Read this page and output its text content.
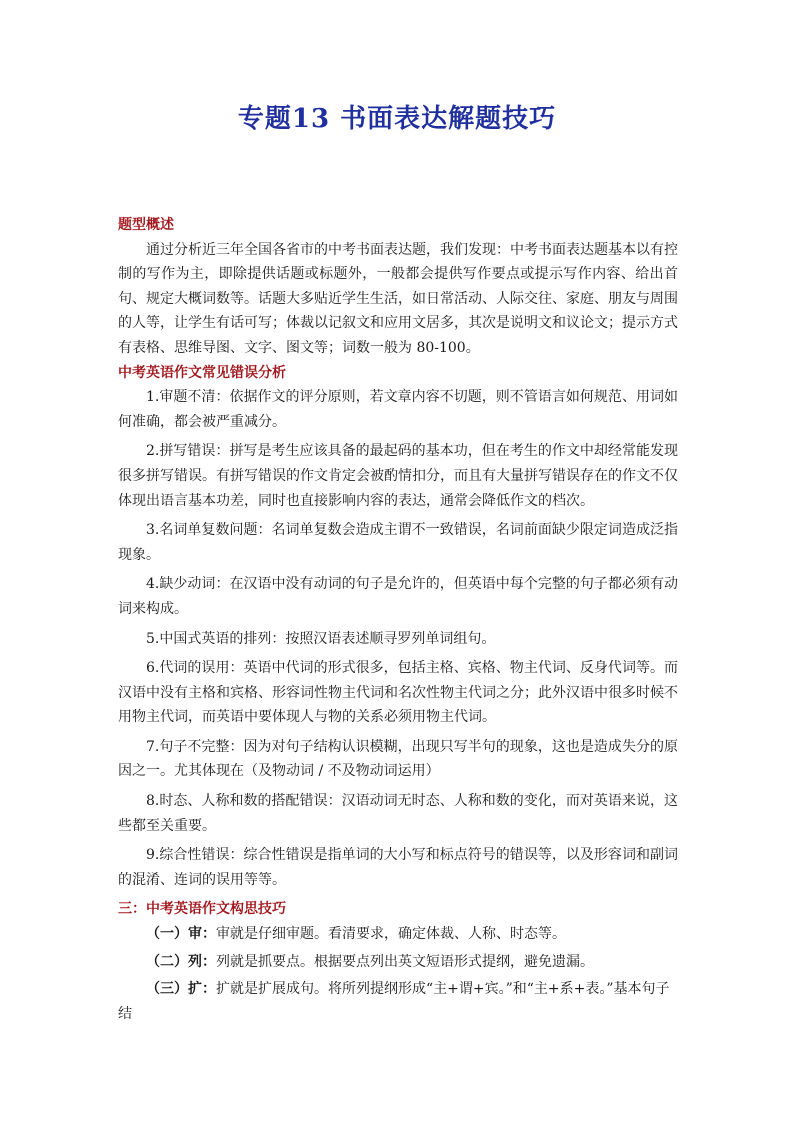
专题13 书面表达解题技巧
题型概述

通过分析近三年全国各省市的中考书面表达题，我们发现：中考书面表达题基本以有控制的写作为主，即除提供话题或标题外，一般都会提供写作要点或提示写作内容、给出首句、规定大概词数等。话题大多贴近学生生活，如日常活动、人际交往、家庭、朋友与周围的人等，让学生有话可写；体裁以记叙文和应用文居多，其次是说明文和议论文；提示方式有表格、思维导图、文字、图文等；词数一般为 80-100。

中考英语作文常见错误分析

1.审题不清：依据作文的评分原则，若文章内容不切题，则不管语言如何规范、用词如何准确，都会被严重减分。

2.拼写错误：拼写是考生应该具备的最起码的基本功，但在考生的作文中却经常能发现很多拼写错误。有拼写错误的作文肯定会被酌情扣分，而且有大量拼写错误存在的作文不仅体现出语言基本功差，同时也直接影响内容的表达，通常会降低作文的档次。

3.名词单复数问题：名词单复数会造成主谓不一致错误，名词前面缺少限定词造成泛指现象。

4.缺少动词：在汉语中没有动词的句子是允许的，但英语中每个完整的句子都必须有动词来构成。

5.中国式英语的排列：按照汉语表述顺寻罗列单词组句。

6.代词的误用：英语中代词的形式很多，包括主格、宾格、物主代词、反身代词等。而汉语中没有主格和宾格、形容词性物主代词和名次性物主代词之分；此外汉语中很多时候不用物主代词，而英语中要体现人与物的关系必须用物主代词。

7.句子不完整：因为对句子结构认识模糊，出现只写半句的现象，这也是造成失分的原因之一。尤其体现在（及物动词 / 不及物动词运用）

8.时态、人称和数的搭配错误：汉语动词无时态、人称和数的变化，而对英语来说，这些都至关重要。

9.综合性错误：综合性错误是指单词的大小写和标点符号的错误等，以及形容词和副词的混淆、连词的误用等等。

三：中考英语作文构思技巧

（一）审：审就是仔细审题。看清要求，确定体裁、人称、时态等。

（二）列：列就是抓要点。根据要点列出英文短语形式提纲，避免遗漏。

（三）扩：扩就是扩展成句。将所列提纲形成“主+谓+宾。”和“主+系+表。”基本句子结
